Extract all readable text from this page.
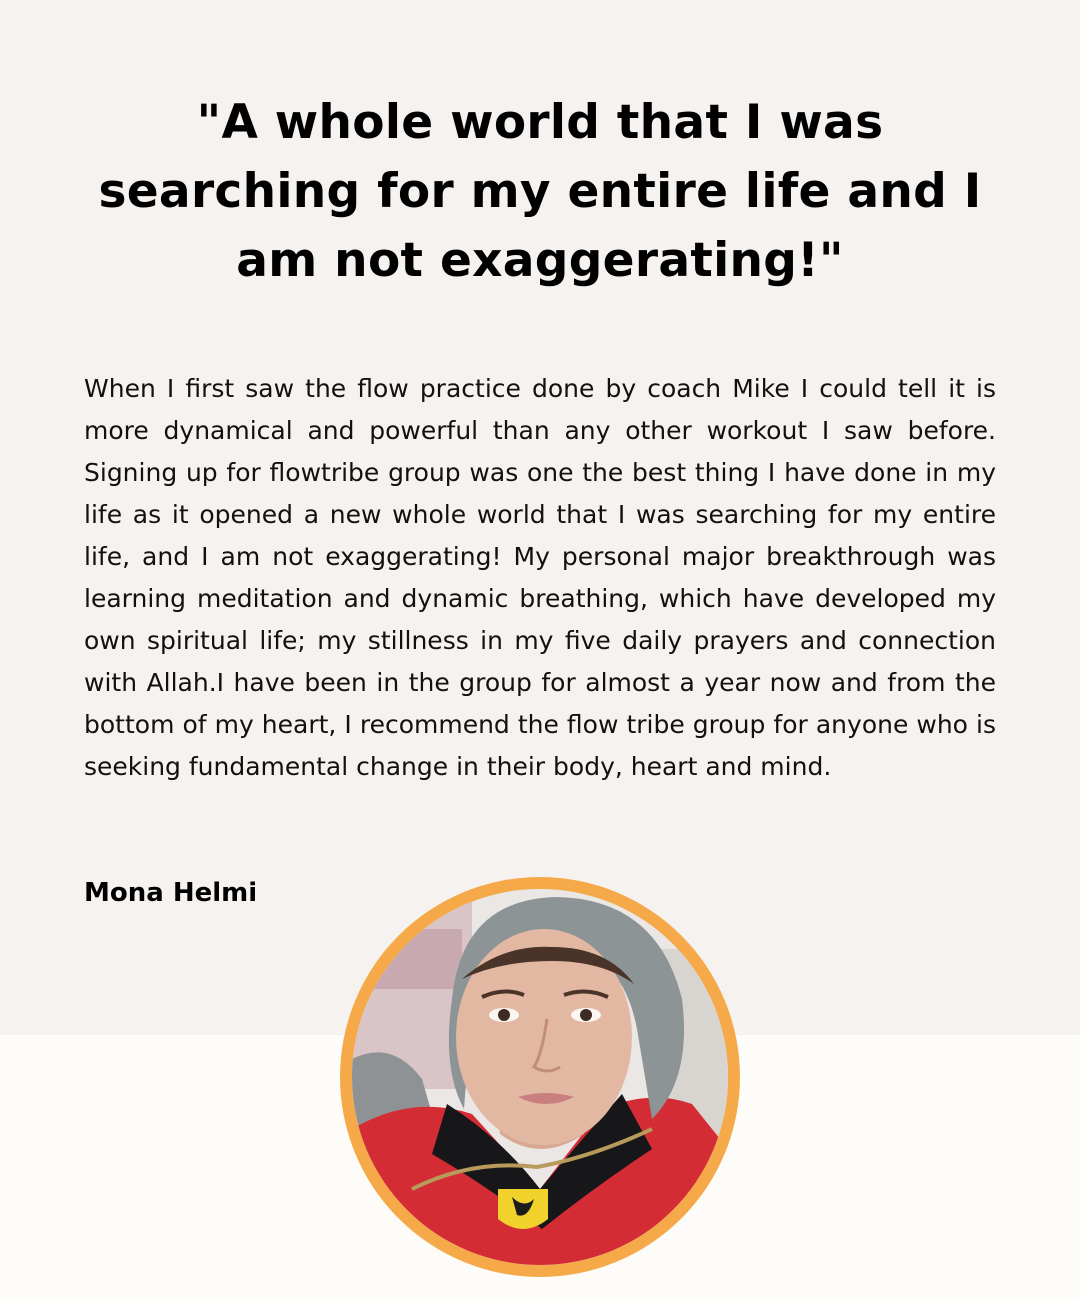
"A whole world that I was searching for my entire life and I am not exaggerating!"

When I first saw the flow practice done by coach Mike I could tell it is more dynamical and powerful than any other workout I saw before. Signing up for flowtribe group was one the best thing I have done in my life as it opened a new whole world that I was searching for my entire life, and I am not exaggerating! My personal major breakthrough was learning meditation and dynamic breathing, which have developed my own spiritual life; my stillness in my five daily prayers and connection with Allah.I have been in the group for almost a year now and from the bottom of my heart, I recommend the flow tribe group for anyone who is seeking fundamental change in their body, heart and mind.

Mona Helmi
